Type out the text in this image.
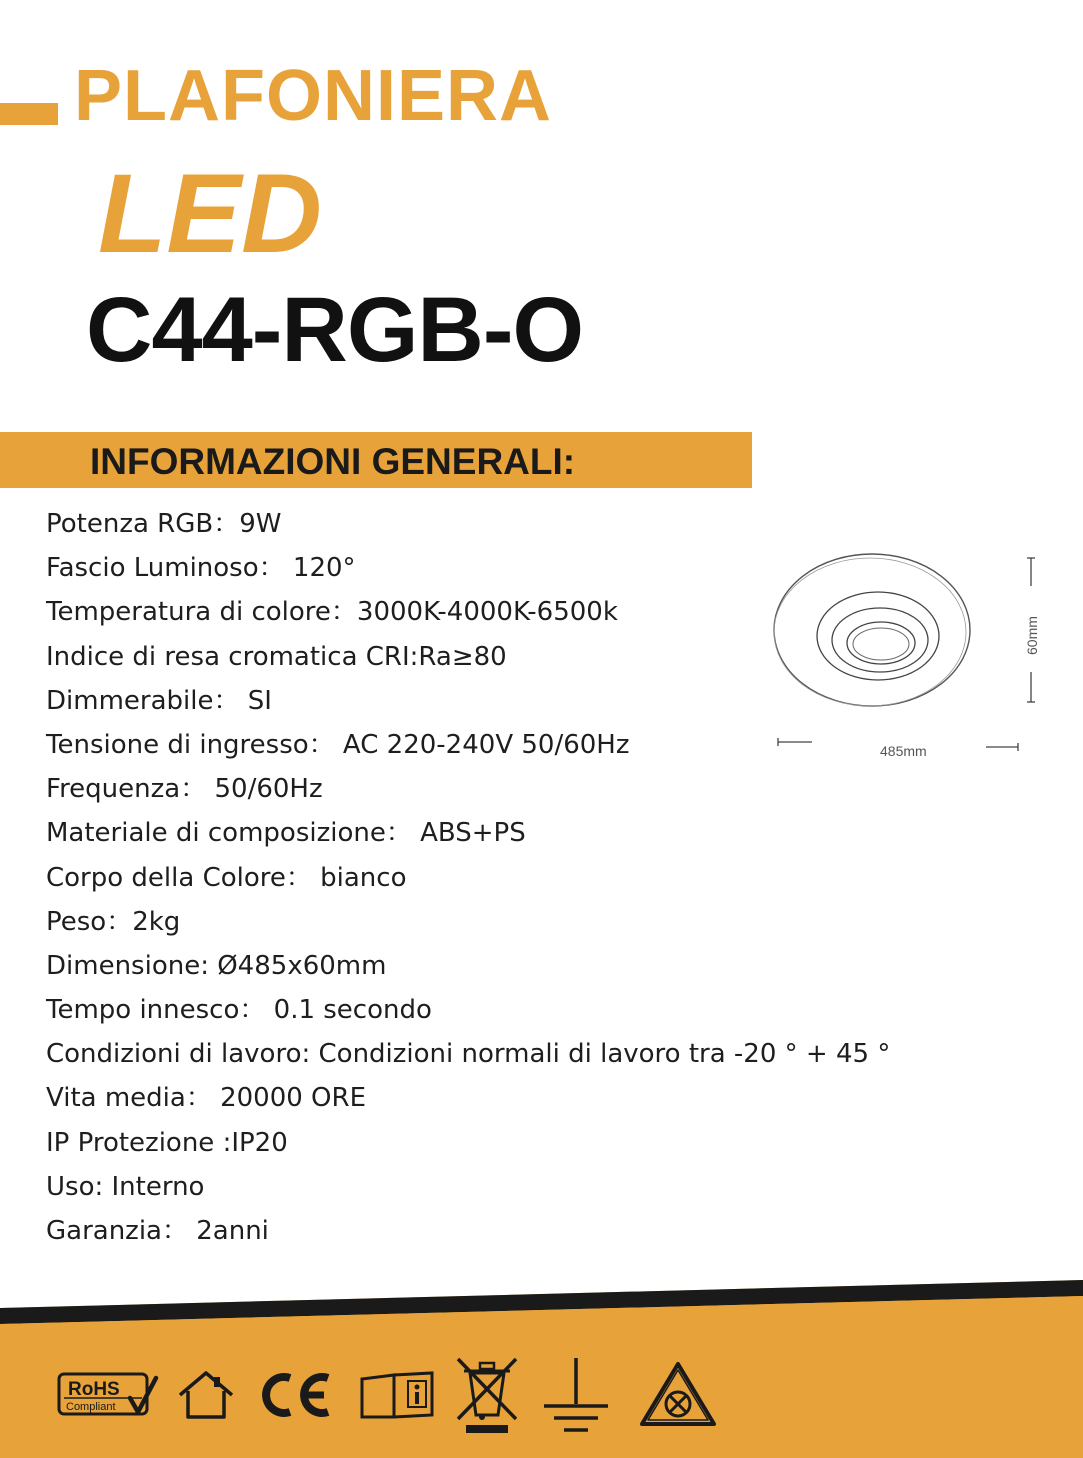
PLAFONIERA
LED
C44-RGB-O
INFORMAZIONI GENERALI:
Potenza RGB：9W
Fascio Luminoso： 120°
Temperatura di colore：3000K-4000K-6500k
Indice di resa cromatica CRI:Ra≥80
Dimmerabile： SI
Tensione di ingresso： AC 220-240V 50/60Hz
Frequenza： 50/60Hz
Materiale di composizione： ABS+PS
Corpo della Colore： bianco
Peso：2kg
Dimensione: Ø485x60mm
Tempo innesco： 0.1 secondo
Condizioni di lavoro: Condizioni normali di lavoro tra -20 ° + 45 °
Vita media： 20000 ORE
IP Protezione :IP20
Uso: Interno
Garanzia： 2anni
60mm
485mm
RoHS
Compliant
